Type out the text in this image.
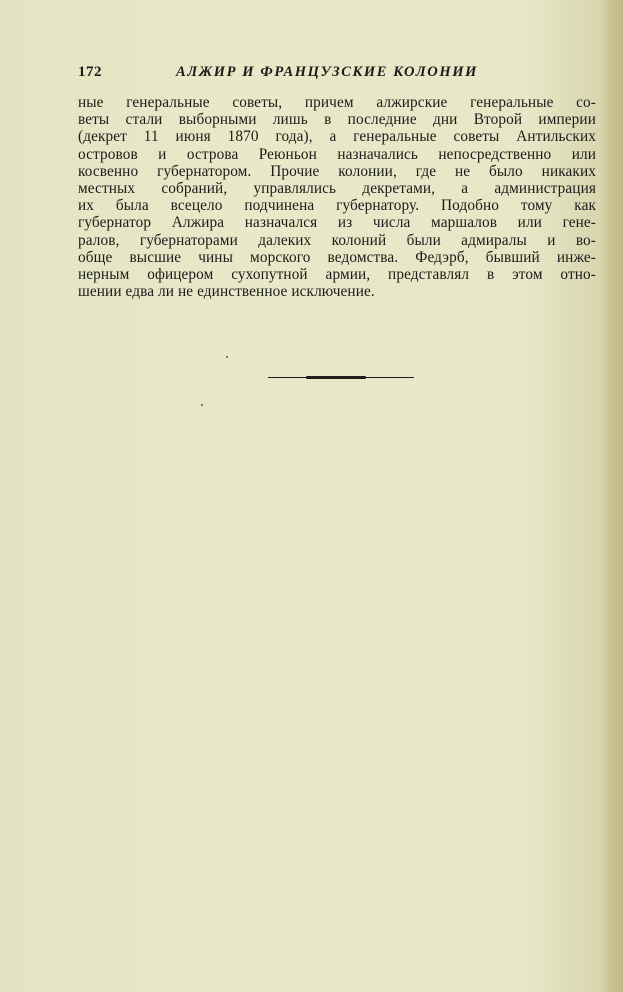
172	АЛЖИР И ФРАНЦУЗСКИЕ КОЛОНИИ
ные генеральные советы, причем алжирские генеральные со-
веты стали выборными лишь в последние дни Второй империи
(декрет 11 июня 1870 года), а генеральные советы Антильских
островов и острова Реюньон назначались непосредственно или
косвенно губернатором. Прочие колонии, где не было никаких
местных собраний, управлялись декретами, а администрация
их была всецело подчинена губернатору. Подобно тому как
губернатор Алжира назначался из числа маршалов или гене-
ралов, губернаторами далеких колоний были адмиралы и во-
обще высшие чины морского ведомства. Федэрб, бывший инже-
нерным офицером сухопутной армии, представлял в этом отно-
шении едва ли не единственное исключение.
